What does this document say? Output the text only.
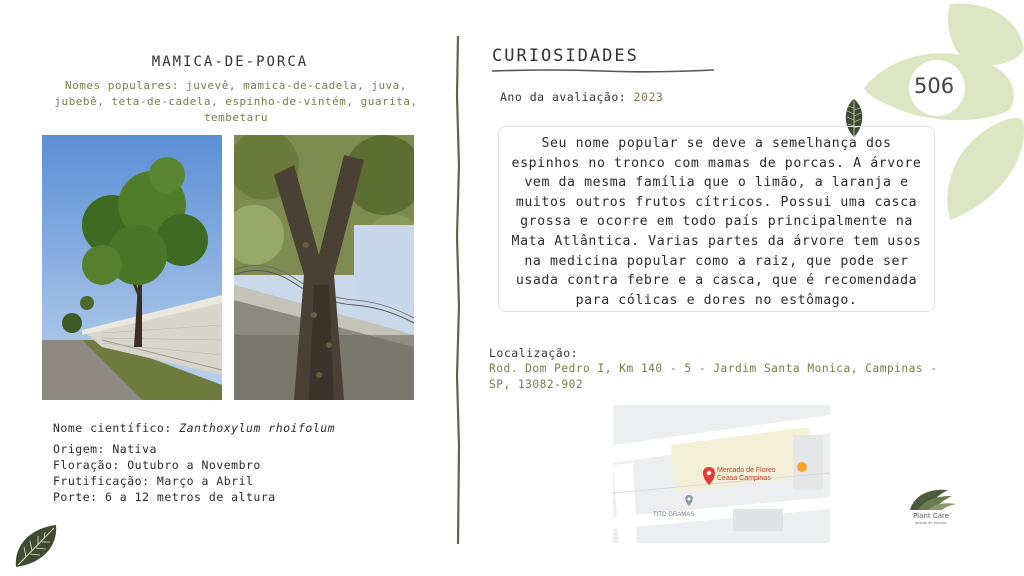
506
MAMICA-DE-PORCA
Nomes populares: juvevê, mamica-de-cadela, juva, jubebê, teta-de-cadela, espinho-de-vintém, guarita, tembetaru
Nome científico: Zanthoxylum rhoifolum
Origem: Nativa
Floração: Outubro a Novembro
Frutificação: Março a Abril
Porte: 6 a 12 metros de altura
CURIOSIDADES
Ano da avaliação: 2023
Seu nome popular se deve a semelhança dos espinhos no tronco com mamas de porcas. A árvore vem da mesma família que o limão, a laranja e muitos outros frutos cítricos. Possui uma casca grossa e ocorre em todo país principalmente na Mata Atlântica. Varias partes da árvore tem usos na medicina popular como a raiz, que pode ser usada contra febre e a casca, que é recomendada para cólicas e dores no estômago.
Localização:
Rod. Dom Pedro I, Km 140 - 5 - Jardim Santa Monica, Campinas - SP, 13082-902
Mercado de Flores
Ceasa Campinas
TITO GRAMAS	Plant Care
gestão de árvores
